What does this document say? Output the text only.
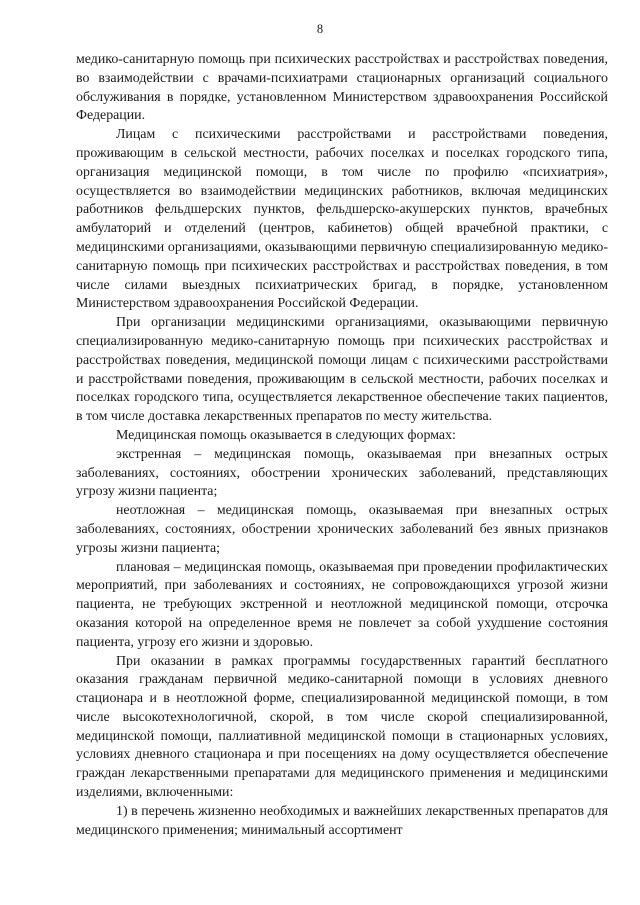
8

медико-санитарную помощь при психических расстройствах и расстройствах поведения, во взаимодействии с врачами-психиатрами стационарных организаций социального обслуживания в порядке, установленном Министерством здравоохранения Российской Федерации.

Лицам с психическими расстройствами и расстройствами поведения, проживающим в сельской местности, рабочих поселках и поселках городского типа, организация медицинской помощи, в том числе по профилю «психиатрия», осуществляется во взаимодействии медицинских работников, включая медицинских работников фельдшерских пунктов, фельдшерско-акушерских пунктов, врачебных амбулаторий и отделений (центров, кабинетов) общей врачебной практики, с медицинскими организациями, оказывающими первичную специализированную медико-санитарную помощь при психических расстройствах и расстройствах поведения, в том числе силами выездных психиатрических бригад, в порядке, установленном Министерством здравоохранения Российской Федерации.

При организации медицинскими организациями, оказывающими первичную специализированную медико-санитарную помощь при психических расстройствах и расстройствах поведения, медицинской помощи лицам с психическими расстройствами и расстройствами поведения, проживающим в сельской местности, рабочих поселках и поселках городского типа, осуществляется лекарственное обеспечение таких пациентов, в том числе доставка лекарственных препаратов по месту жительства.

Медицинская помощь оказывается в следующих формах:

экстренная – медицинская помощь, оказываемая при внезапных острых заболеваниях, состояниях, обострении хронических заболеваний, представляющих угрозу жизни пациента;

неотложная – медицинская помощь, оказываемая при внезапных острых заболеваниях, состояниях, обострении хронических заболеваний без явных признаков угрозы жизни пациента;

плановая – медицинская помощь, оказываемая при проведении профилактических мероприятий, при заболеваниях и состояниях, не сопровождающихся угрозой жизни пациента, не требующих экстренной и неотложной медицинской помощи, отсрочка оказания которой на определенное время не повлечет за собой ухудшение состояния пациента, угрозу его жизни и здоровью.

При оказании в рамках программы государственных гарантий бесплатного оказания гражданам первичной медико-санитарной помощи в условиях дневного стационара и в неотложной форме, специализированной медицинской помощи, в том числе высокотехнологичной, скорой, в том числе скорой специализированной, медицинской помощи, паллиативной медицинской помощи в стационарных условиях, условиях дневного стационара и при посещениях на дому осуществляется обеспечение граждан лекарственными препаратами для медицинского применения и медицинскими изделиями, включенными:

1) в перечень жизненно необходимых и важнейших лекарственных препаратов для медицинского применения; минимальный ассортимент
